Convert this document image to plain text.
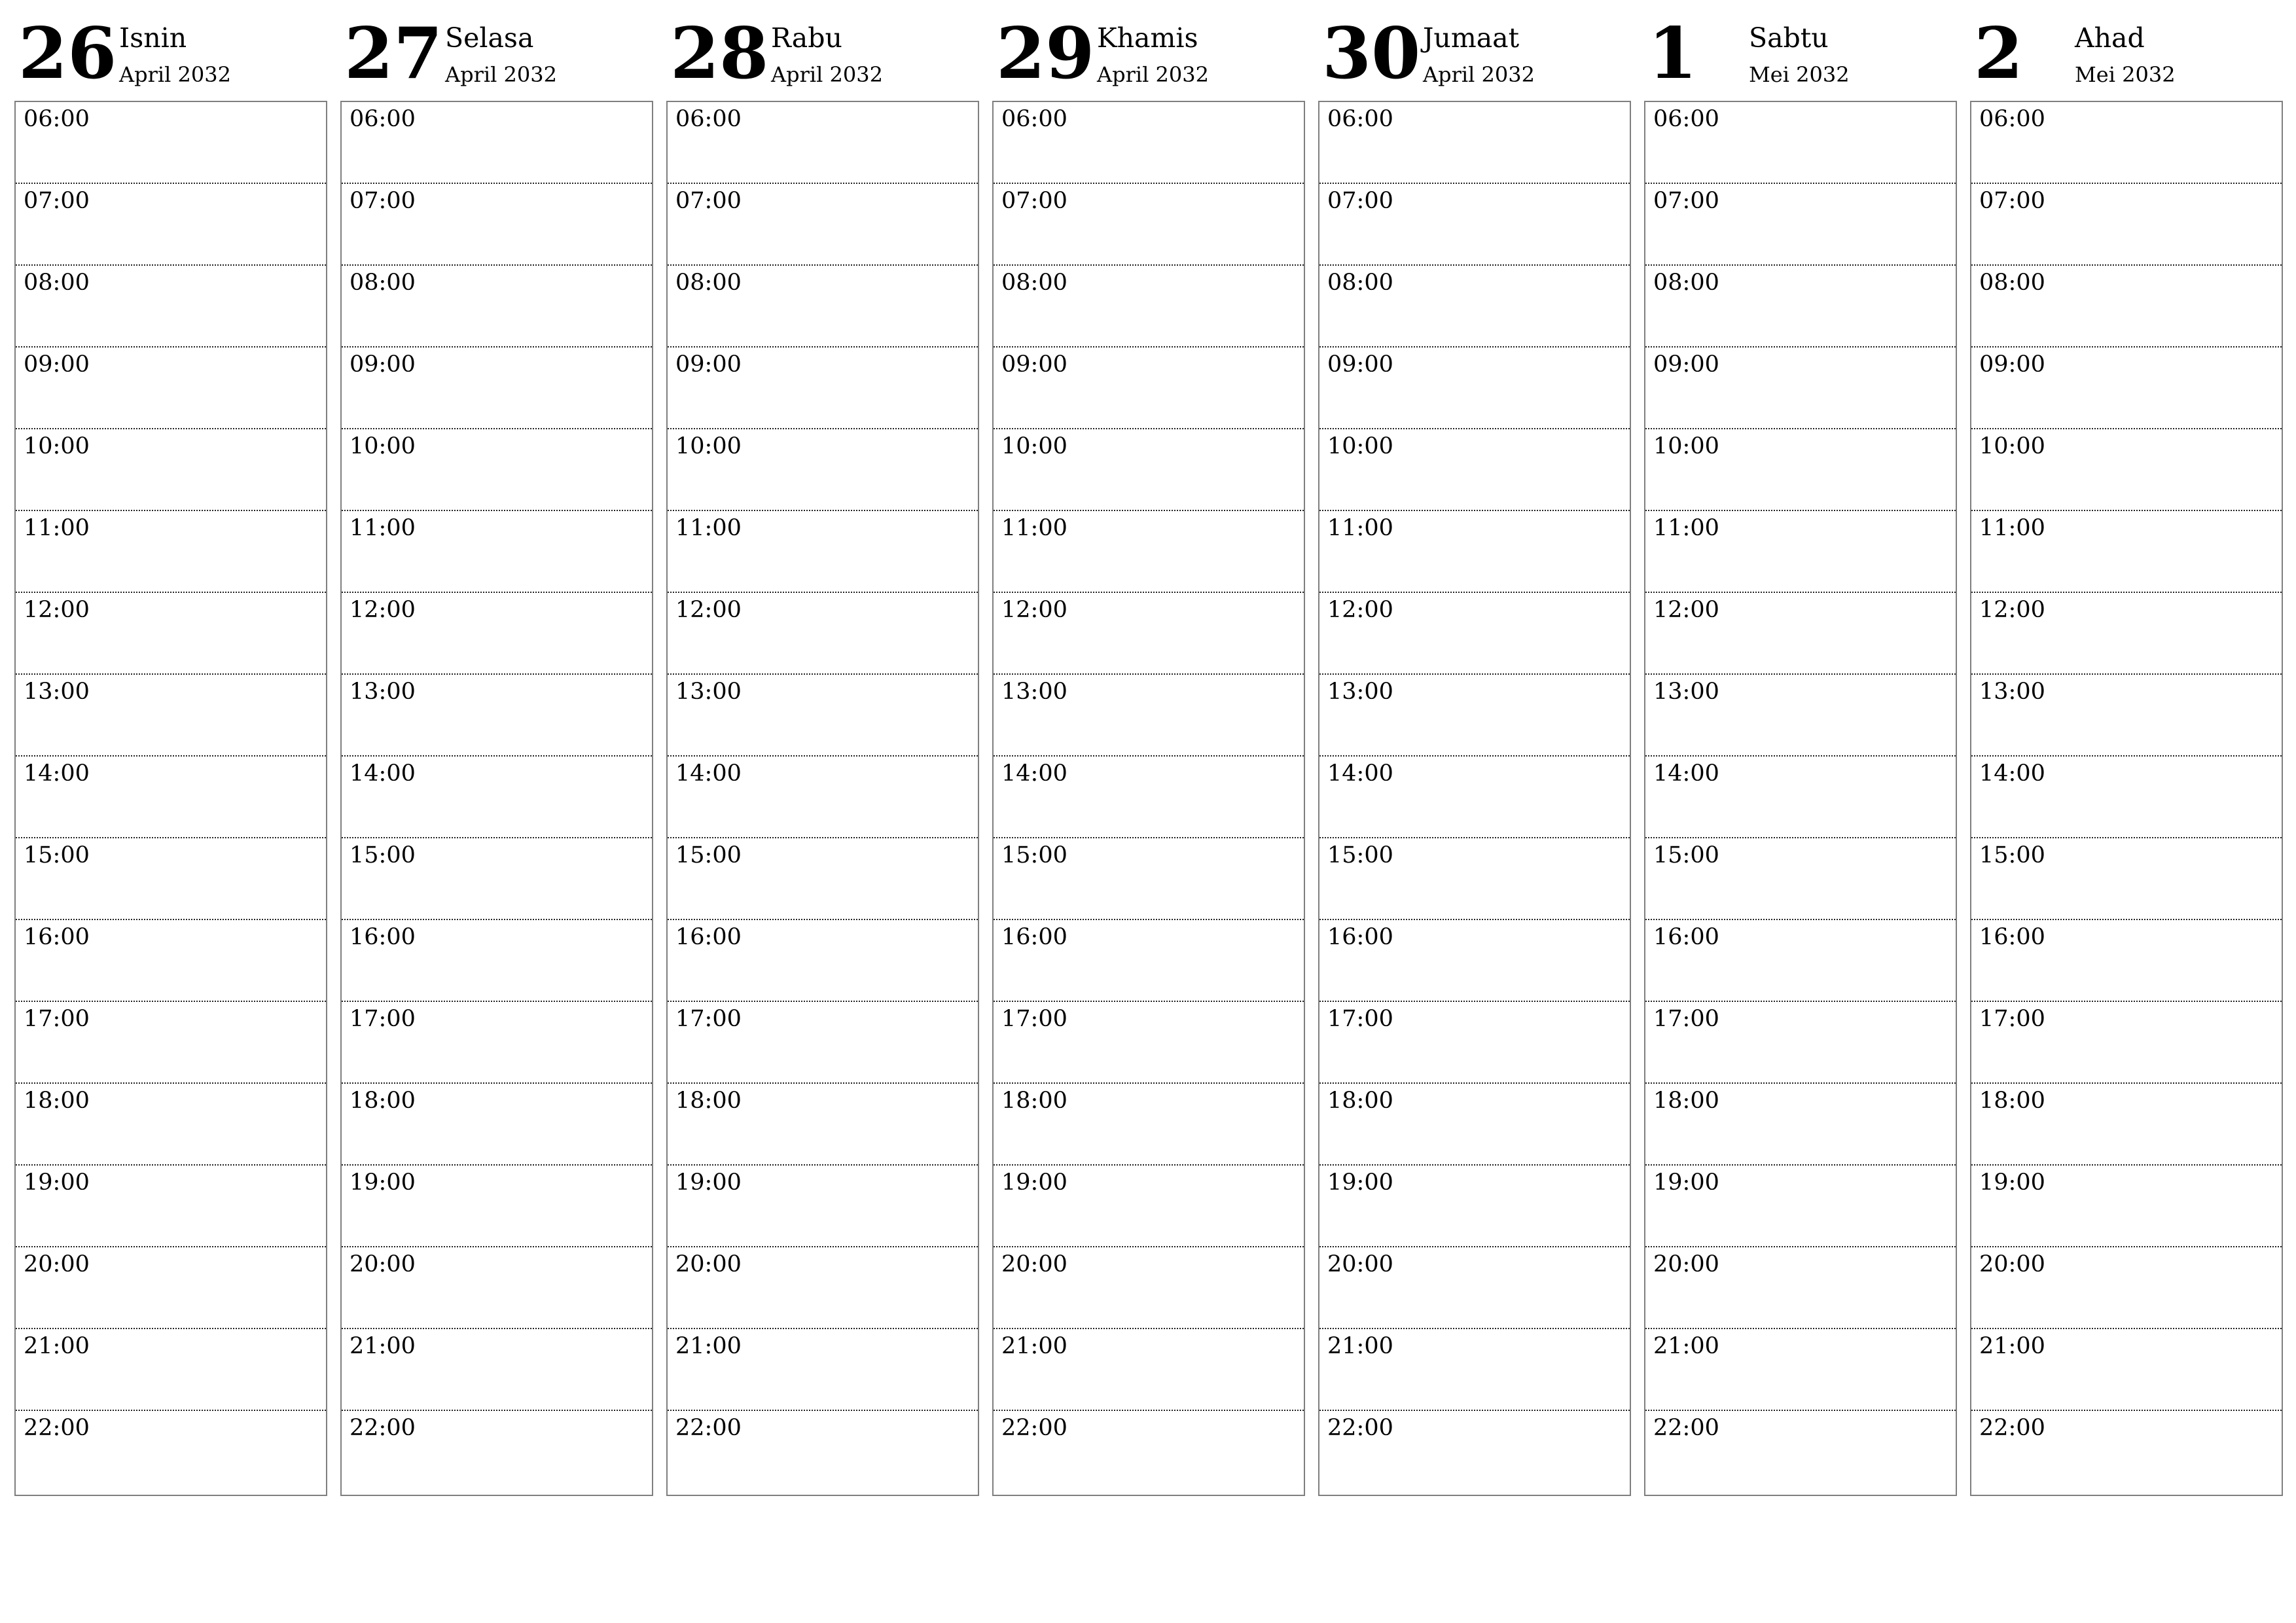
26 Isnin
April 2032
06:00
07:00
08:00
09:00
10:00
11:00
12:00
13:00
14:00
15:00
16:00
17:00
18:00
19:00
20:00
21:00
22:00
27 Selasa
April 2032
06:00
07:00
08:00
09:00
10:00
11:00
12:00
13:00
14:00
15:00
16:00
17:00
18:00
19:00
20:00
21:00
22:00
28 Rabu
April 2032
06:00
07:00
08:00
09:00
10:00
11:00
12:00
13:00
14:00
15:00
16:00
17:00
18:00
19:00
20:00
21:00
22:00
29 Khamis
April 2032
06:00
07:00
08:00
09:00
10:00
11:00
12:00
13:00
14:00
15:00
16:00
17:00
18:00
19:00
20:00
21:00
22:00
30 Jumaat
April 2032
06:00
07:00
08:00
09:00
10:00
11:00
12:00
13:00
14:00
15:00
16:00
17:00
18:00
19:00
20:00
21:00
22:00
1 Sabtu
Mei 2032
06:00
07:00
08:00
09:00
10:00
11:00
12:00
13:00
14:00
15:00
16:00
17:00
18:00
19:00
20:00
21:00
22:00
2 Ahad
Mei 2032
06:00
07:00
08:00
09:00
10:00
11:00
12:00
13:00
14:00
15:00
16:00
17:00
18:00
19:00
20:00
21:00
22:00
